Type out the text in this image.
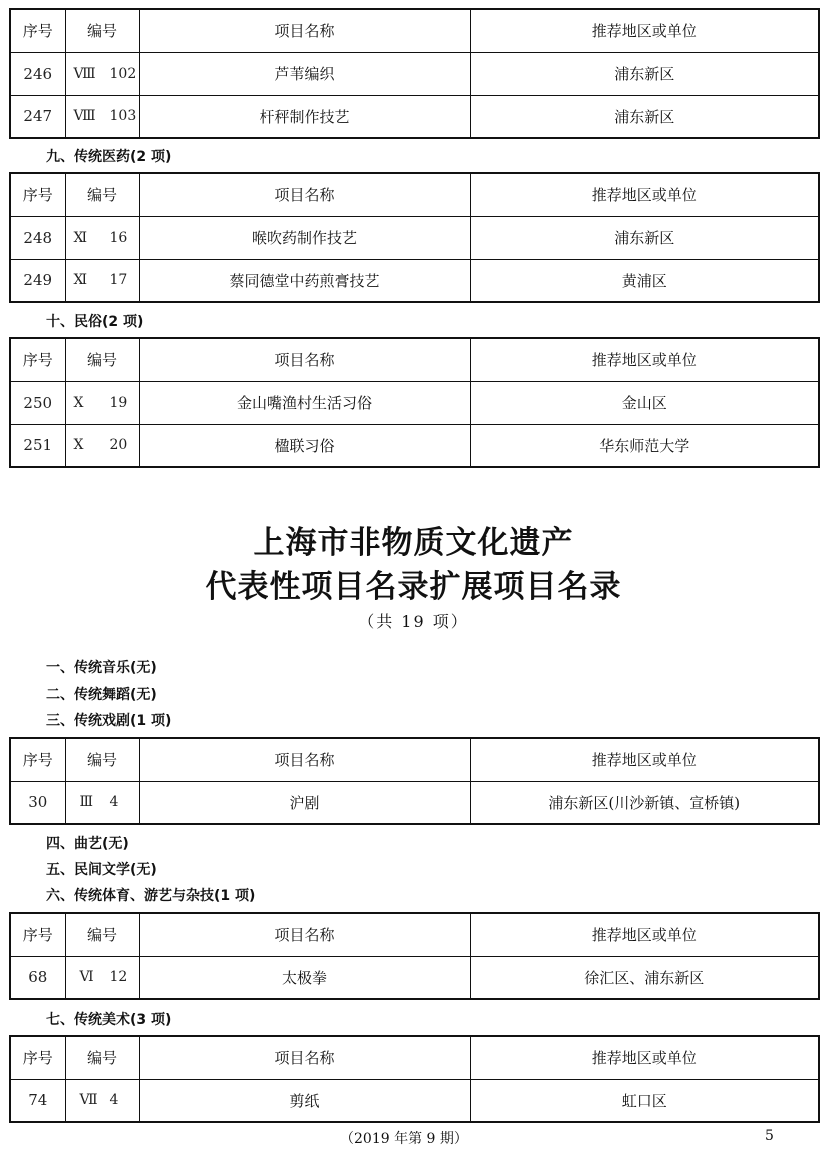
序号	编号	项目名称	推荐地区或单位
246	Ⅷ 102	芦苇编织	浦东新区
247	Ⅷ 103	杆秤制作技艺	浦东新区
九、传统医药(2 项)
序号	编号	项目名称	推荐地区或单位
248	Ⅺ 16	喉吹药制作技艺	浦东新区
249	Ⅺ 17	蔡同德堂中药煎膏技艺	黄浦区
十、民俗(2 项)
序号	编号	项目名称	推荐地区或单位
250	Ⅹ 19	金山嘴渔村生活习俗	金山区
251	Ⅹ 20	楹联习俗	华东师范大学
上海市非物质文化遗产
代表性项目名录扩展项目名录
（共 19 项）
一、传统音乐(无)
二、传统舞蹈(无)
三、传统戏剧(1 项)
序号	编号	项目名称	推荐地区或单位
30	Ⅲ 4	沪剧	浦东新区(川沙新镇、宣桥镇)
四、曲艺(无)
五、民间文学(无)
六、传统体育、游艺与杂技(1 项)
序号	编号	项目名称	推荐地区或单位
68	Ⅵ 12	太极拳	徐汇区、浦东新区
七、传统美术(3 项)
序号	编号	项目名称	推荐地区或单位
74	Ⅶ 4	剪纸	虹口区
（2019 年第 9 期）	5
